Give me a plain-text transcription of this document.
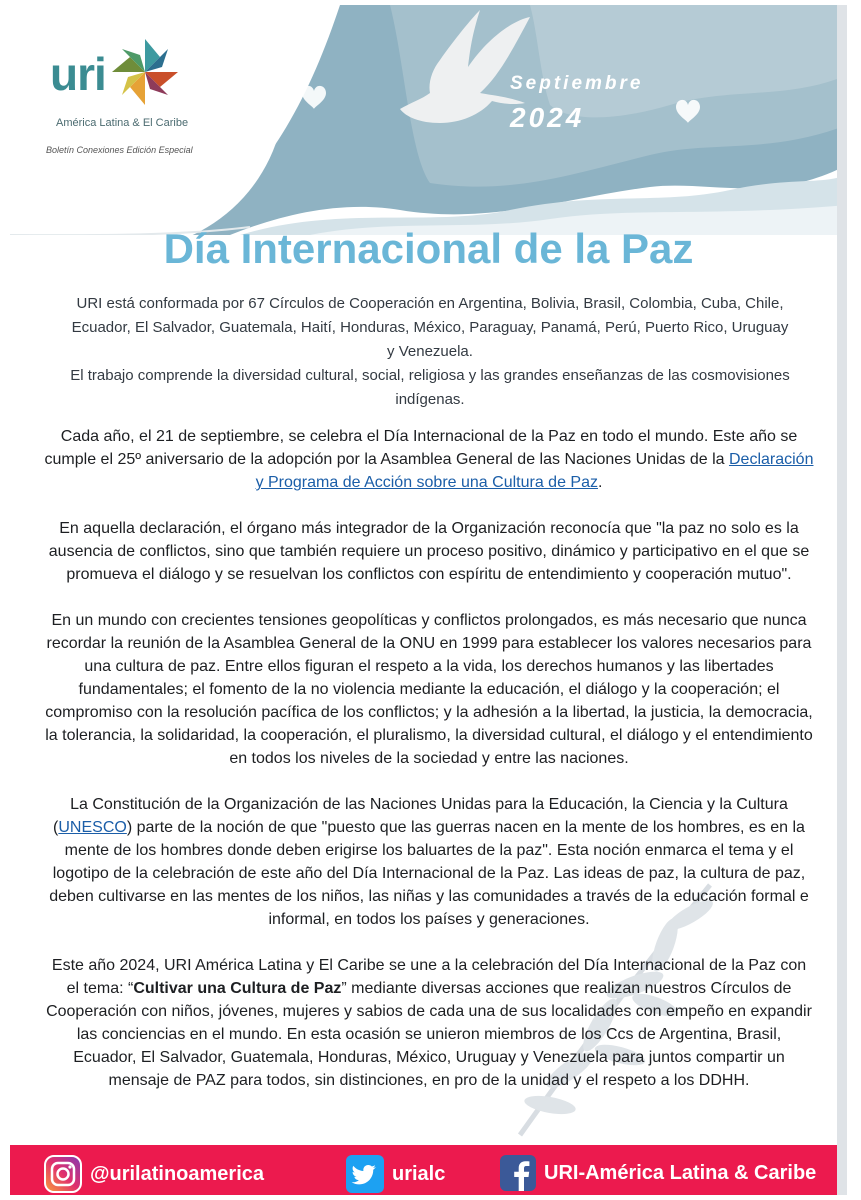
uri
América Latina & El Caribe
Boletín Conexiones Edición Especial
Septiembre
2024
Día Internacional de la Paz

URI está conformada por 67 Círculos de Cooperación en Argentina, Bolivia, Brasil, Colombia, Cuba, Chile, Ecuador, El Salvador, Guatemala, Haití, Honduras, México, Paraguay, Panamá, Perú, Puerto Rico, Uruguay y Venezuela.

El trabajo comprende la diversidad cultural, social, religiosa y las grandes enseñanzas de las cosmovisiones indígenas.

Cada año, el 21 de septiembre, se celebra el Día Internacional de la Paz en todo el mundo. Este año se cumple el 25º aniversario de la adopción por la Asamblea General de las Naciones Unidas de la Declaración y Programa de Acción sobre una Cultura de Paz.

En aquella declaración, el órgano más integrador de la Organización reconocía que "la paz no solo es la ausencia de conflictos, sino que también requiere un proceso positivo, dinámico y participativo en el que se promueva el diálogo y se resuelvan los conflictos con espíritu de entendimiento y cooperación mutuo".

En un mundo con crecientes tensiones geopolíticas y conflictos prolongados, es más necesario que nunca recordar la reunión de la Asamblea General de la ONU en 1999 para establecer los valores necesarios para una cultura de paz. Entre ellos figuran el respeto a la vida, los derechos humanos y las libertades fundamentales; el fomento de la no violencia mediante la educación, el diálogo y la cooperación; el compromiso con la resolución pacífica de los conflictos; y la adhesión a la libertad, la justicia, la democracia, la tolerancia, la solidaridad, la cooperación, el pluralismo, la diversidad cultural, el diálogo y el entendimiento en todos los niveles de la sociedad y entre las naciones.

La Constitución de la Organización de las Naciones Unidas para la Educación, la Ciencia y la Cultura (UNESCO) parte de la noción de que "puesto que las guerras nacen en la mente de los hombres, es en la mente de los hombres donde deben erigirse los baluartes de la paz". Esta noción enmarca el tema y el logotipo de la celebración de este año del Día Internacional de la Paz. Las ideas de paz, la cultura de paz, deben cultivarse en las mentes de los niños, las niñas y las comunidades a través de la educación formal e informal, en todos los países y generaciones.

Este año 2024, URI América Latina y El Caribe se une a la celebración del Día Internacional de la Paz con el tema: “Cultivar una Cultura de Paz” mediante diversas acciones que realizan nuestros Círculos de Cooperación con niños, jóvenes, mujeres y sabios de cada una de sus localidades con empeño en expandir las conciencias en el mundo. En esta ocasión se unieron miembros de los Ccs de Argentina, Brasil, Ecuador, El Salvador, Guatemala, Honduras, México, Uruguay y Venezuela para juntos compartir un mensaje de PAZ para todos, sin distinciones, en pro de la unidad y el respeto a los DDHH.

@urilatinoamerica	urialc	URI-América Latina & Caribe
